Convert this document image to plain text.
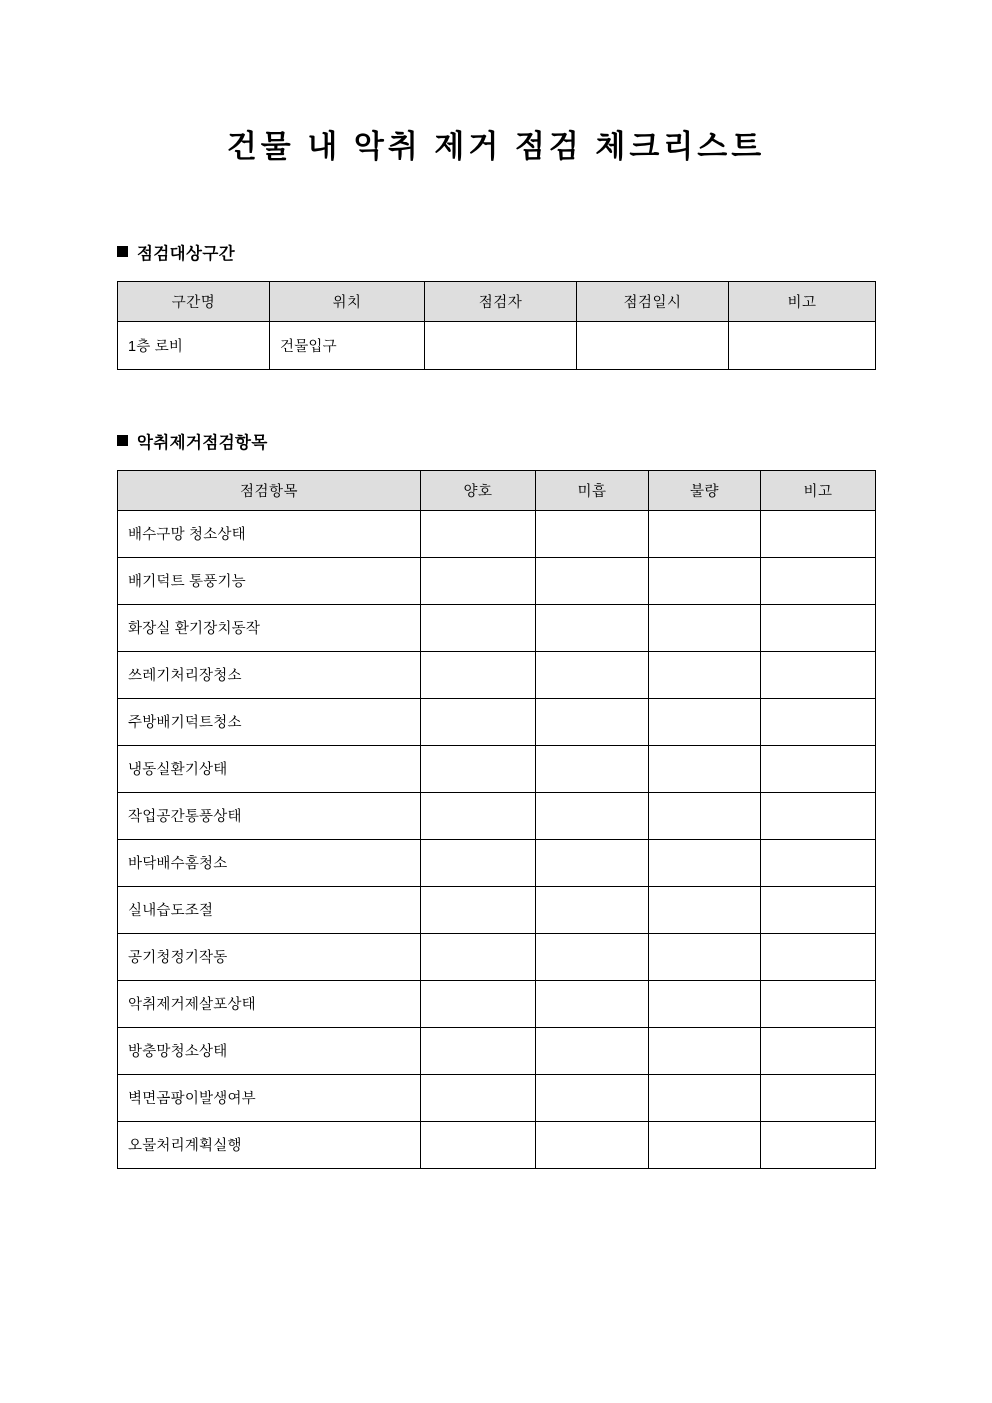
건물 내 악취 제거 점검 체크리스트
점검대상구간
구간명	위치	점검자	점검일시	비고
1층 로비	건물입구			
악취제거점검항목
점검항목	양호	미흡	불량	비고
배수구망 청소상태				
배기덕트 통풍기능				
화장실 환기장치동작				
쓰레기처리장청소				
주방배기덕트청소				
냉동실환기상태				
작업공간통풍상태				
바닥배수홈청소				
실내습도조절				
공기청정기작동				
악취제거제살포상태				
방충망청소상태				
벽면곰팡이발생여부				
오물처리계획실행				
